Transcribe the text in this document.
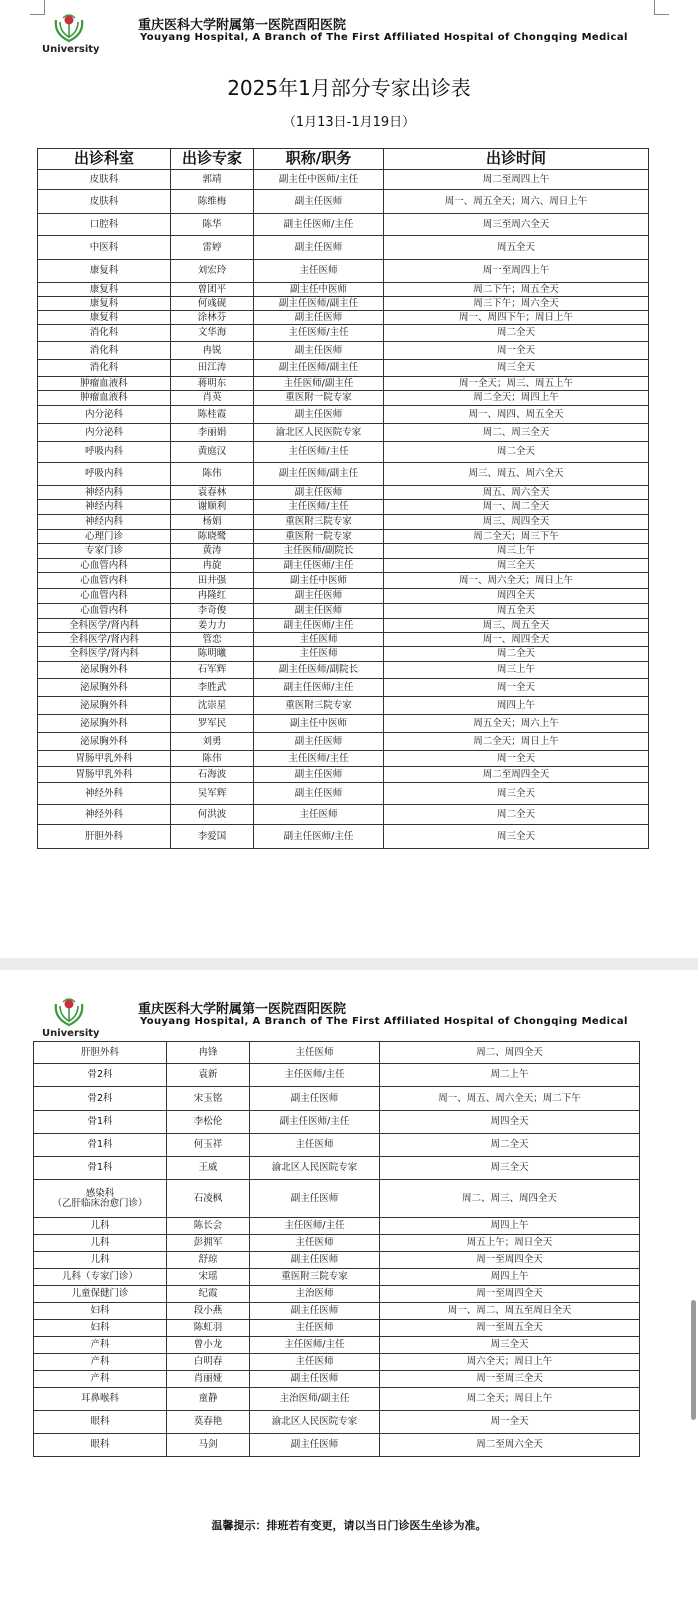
University
重庆医科大学附属第一医院酉阳医院
Youyang Hospital, A Branch of The First Affiliated Hospital of Chongqing Medical
2025年1月部分专家出诊表
（1月13日-1月19日）
出诊科室	出诊专家	职称/职务	出诊时间
皮肤科	郭靖	副主任中医师/主任	周二至周四上午
皮肤科	陈维梅	副主任医师	周一、周五全天；周六、周日上午
口腔科	陈华	副主任医师/主任	周三至周六全天
中医科	雷婷	副主任医师	周五全天
康复科	刘宏玲	主任医师	周一至周四上午
康复科	曾团平	副主任中医师	周二下午；周五全天
康复科	何彧砚	副主任医师/副主任	周三下午；周六全天
康复科	涂林芬	副主任医师	周一、周四下午；周日上午
消化科	文华海	主任医师/主任	周二全天
消化科	冉锐	副主任医师	周一全天
消化科	田江涛	副主任医师/副主任	周三全天
肿瘤血液科	蒋明东	主任医师/副主任	周一全天；周三、周五上午
肿瘤血液科	肖英	重医附一院专家	周二全天；周四上午
内分泌科	陈桂霞	副主任医师	周一、周四、周五全天
内分泌科	李丽娟	渝北区人民医院专家	周二、周三全天
呼吸内科	黄庭汉	主任医师/主任	周二全天
呼吸内科	陈伟	副主任医师/副主任	周三、周五、周六全天
神经内科	袁春林	副主任医师	周五、周六全天
神经内科	谢顺利	主任医师/主任	周一、周二全天
神经内科	杨娟	重医附三院专家	周三、周四全天
心理门诊	陈晓鹭	重医附一院专家	周二全天；周三下午
专家门诊	黄涛	主任医师/副院长	周三上午
心血管内科	冉旋	副主任医师/主任	周三全天
心血管内科	田井强	副主任中医师	周一、周六全天；周日上午
心血管内科	冉隆红	副主任医师	周四全天
心血管内科	李奇俊	副主任医师	周五全天
全科医学/肾内科	姜力力	副主任医师/主任	周三、周五全天
全科医学/肾内科	管恋	主任医师	周一、周四全天
全科医学/肾内科	陈明曦	主任医师	周二全天
泌尿胸外科	石军辉	副主任医师/副院长	周三上午
泌尿胸外科	李胜武	副主任医师/主任	周一全天
泌尿胸外科	沈崇星	重医附三院专家	周四上午
泌尿胸外科	罗军民	副主任中医师	周五全天；周六上午
泌尿胸外科	刘勇	副主任医师	周二全天；周日上午
胃肠甲乳外科	陈伟	主任医师/主任	周一全天
胃肠甲乳外科	石海波	副主任医师	周二至周四全天
神经外科	吴军辉	副主任医师	周三全天
神经外科	何洪波	主任医师	周二全天
肝胆外科	李爱国	副主任医师/主任	周三全天
University
重庆医科大学附属第一医院酉阳医院
Youyang Hospital, A Branch of The First Affiliated Hospital of Chongqing Medical
肝胆外科	冉锋	主任医师	周二、周四全天
骨2科	袁新	主任医师/主任	周二上午
骨2科	宋玉铭	副主任医师	周一、周五、周六全天；周二下午
骨1科	李松伦	副主任医师/主任	周四全天
骨1科	何玉祥	主任医师	周二全天
骨1科	王威	渝北区人民医院专家	周三全天
感染科
（乙肝临床治愈门诊）	石凌枫	副主任医师	周二、周三、周四全天
儿科	陈长会	主任医师/主任	周四上午
儿科	彭拥军	主任医师	周五上午；周日全天
儿科	舒琼	副主任医师	周一至周四全天
儿科（专家门诊）	宋瑶	重医附三院专家	周四上午
儿童保健门诊	纪霞	主治医师	周一至周四全天
妇科	段小燕	副主任医师	周一、周二、周五至周日全天
妇科	陈虹羽	主任医师	周一至周五全天
产科	曾小龙	主任医师/主任	周三全天
产科	白明春	主任医师	周六全天；周日上午
产科	肖丽娅	副主任医师	周一至周三全天
耳鼻喉科	童静	主治医师/副主任	周二全天；周日上午
眼科	莫春艳	渝北区人民医院专家	周一全天
眼科	马剑	副主任医师	周二至周六全天
温馨提示：排班若有变更，请以当日门诊医生坐诊为准。
